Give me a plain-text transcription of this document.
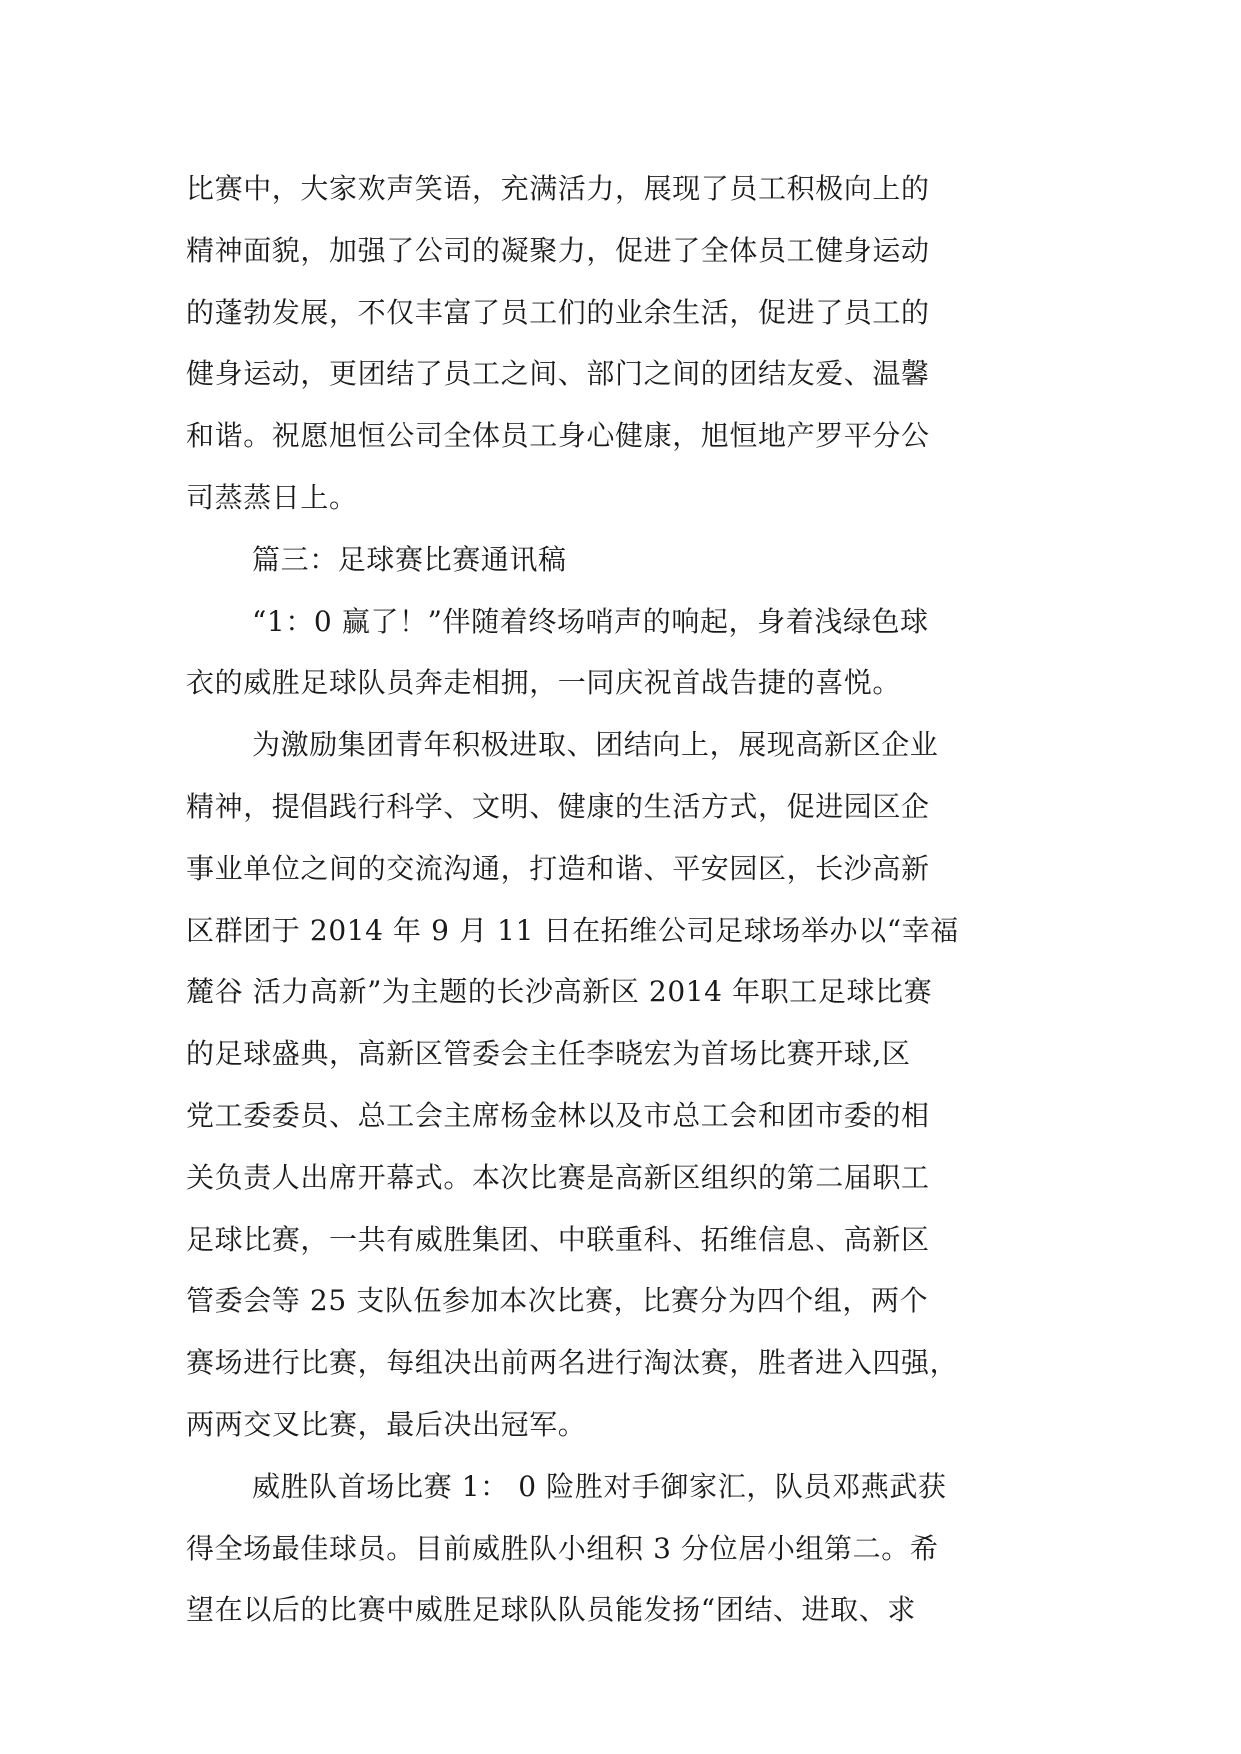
比赛中，大家欢声笑语，充满活力，展现了员工积极向上的
精神面貌，加强了公司的凝聚力，促进了全体员工健身运动
的蓬勃发展，不仅丰富了员工们的业余生活，促进了员工的
健身运动，更团结了员工之间、部门之间的团结友爱、温馨
和谐。祝愿旭恒公司全体员工身心健康，旭恒地产罗平分公
司蒸蒸日上。
篇三：足球赛比赛通讯稿
“1：0 赢了！”伴随着终场哨声的响起，身着浅绿色球
衣的威胜足球队员奔走相拥，一同庆祝首战告捷的喜悦。
为激励集团青年积极进取、团结向上，展现高新区企业
精神，提倡践行科学、文明、健康的生活方式，促进园区企
事业单位之间的交流沟通，打造和谐、平安园区，长沙高新
区群团于 2014 年 9 月 11 日在拓维公司足球场举办以“幸福
麓谷 活力高新”为主题的长沙高新区 2014 年职工足球比赛
的足球盛典，高新区管委会主任李晓宏为首场比赛开球,区
党工委委员、总工会主席杨金林以及市总工会和团市委的相
关负责人出席开幕式。本次比赛是高新区组织的第二届职工
足球比赛，一共有威胜集团、中联重科、拓维信息、高新区
管委会等 25 支队伍参加本次比赛，比赛分为四个组，两个
赛场进行比赛，每组决出前两名进行淘汰赛，胜者进入四强，
两两交叉比赛，最后决出冠军。
威胜队首场比赛 1： 0 险胜对手御家汇，队员邓燕武获
得全场最佳球员。目前威胜队小组积 3 分位居小组第二。希
望在以后的比赛中威胜足球队队员能发扬“团结、进取、求
